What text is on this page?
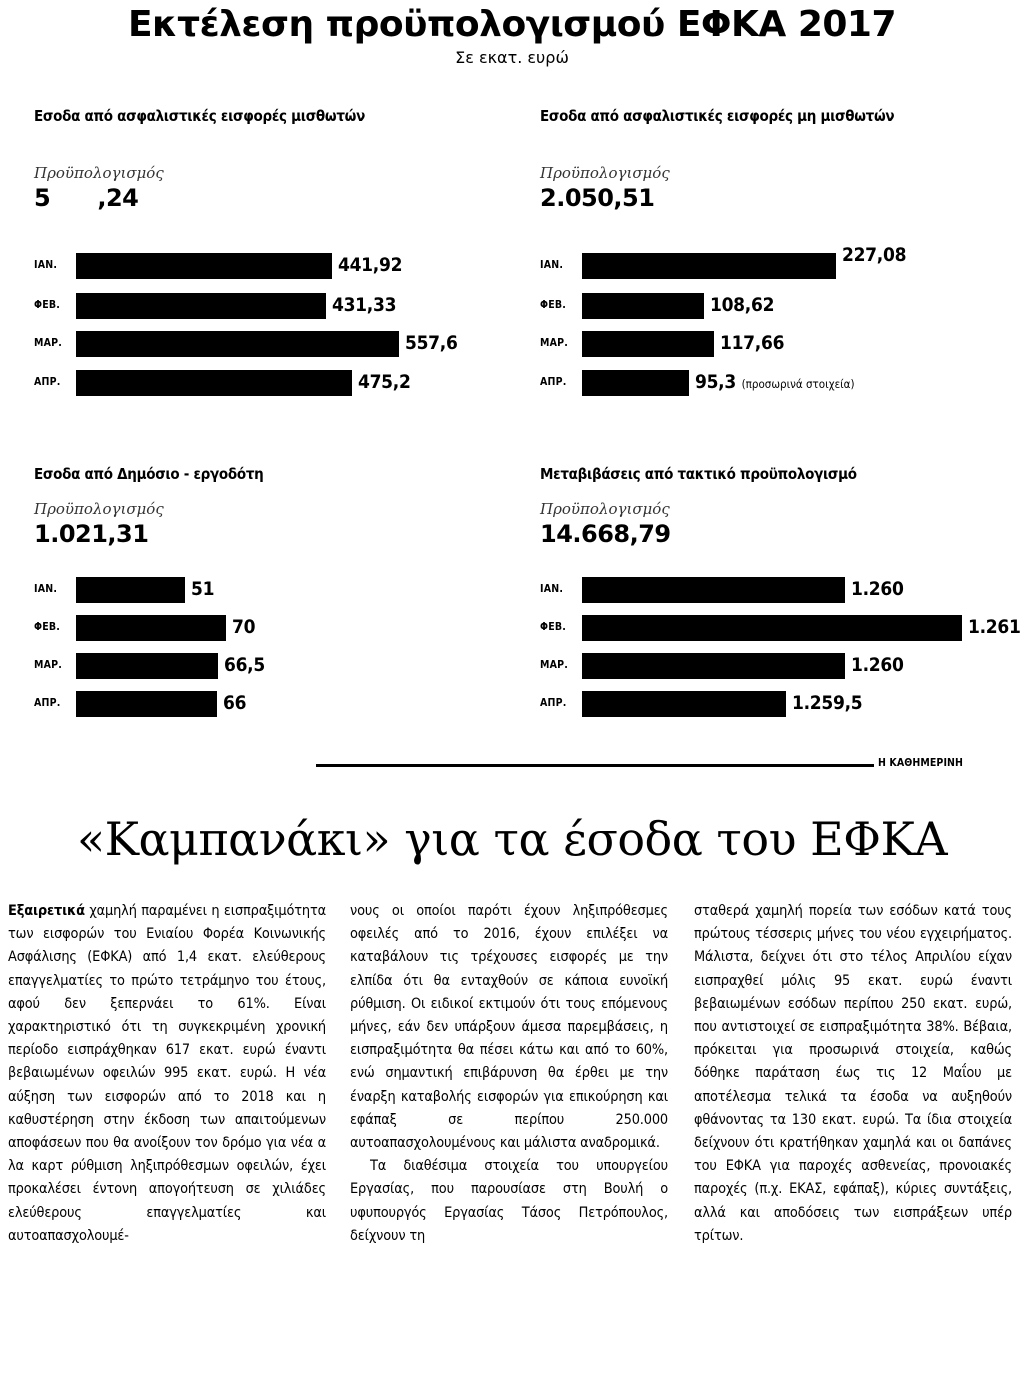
Εκτέλεση προϋπολογισμού ΕΦΚΑ 2017

Σε εκατ. ευρώ

Εσοδα από ασφαλιστικές εισφορές μισθωτών
Προϋπολογισμός
5      ,24
ΙΑΝ.	441,92
ΦΕΒ.	431,33
ΜΑΡ.	557,6
ΑΠΡ.	475,2
Εσοδα από ασφαλιστικές εισφορές μη μισθωτών
Προϋπολογισμός
2.050,51
ΙΑΝ.	227,08
ΦΕΒ.	108,62
ΜΑΡ.	117,66
ΑΠΡ.	95,3 (προσωρινά στοιχεία)
Εσοδα από Δημόσιο - εργοδότη
Προϋπολογισμός
1.021,31
ΙΑΝ.	51
ΦΕΒ.	70
ΜΑΡ.	66,5
ΑΠΡ.	66
Μεταβιβάσεις από τακτικό προϋπολογισμό
Προϋπολογισμός
14.668,79
ΙΑΝ.	1.260
ΦΕΒ.	1.261
ΜΑΡ.	1.260
ΑΠΡ.	1.259,5
Η ΚΑΘΗΜΕΡΙΝΗ
«Καμπανάκι» για τα έσοδα του ΕΦΚΑ

Εξαιρετικά χαμηλή παραμένει η εισπραξιμότητα των εισφορών του Ενιαίου Φορέα Κοινωνικής Ασφάλισης (ΕΦΚΑ) από 1,4 εκατ. ελεύθερους επαγγελματίες το πρώτο τετράμηνο του έτους, αφού δεν ξεπερνάει το 61%. Είναι χαρακτηριστικό ότι τη συγκεκριμένη χρονική περίοδο εισπράχθηκαν 617 εκατ. ευρώ έναντι βεβαιωμένων οφειλών 995 εκατ. ευρώ. Η νέα αύξηση των εισφορών από το 2018 και η καθυστέρηση στην έκδοση των απαιτούμενων αποφάσεων που θα ανοίξουν τον δρόμο για νέα α λα καρτ ρύθμιση ληξιπρόθεσμων οφειλών, έχει προκαλέσει έντονη απογοήτευση σε χιλιάδες ελεύθερους επαγγελματίες και αυτοαπασχολουμέ-

νους οι οποίοι παρότι έχουν ληξιπρόθεσμες οφειλές από το 2016, έχουν επιλέξει να καταβάλουν τις τρέχουσες εισφορές με την ελπίδα ότι θα ενταχθούν σε κάποια ευνοϊκή ρύθμιση. Οι ειδικοί εκτιμούν ότι τους επόμενους μήνες, εάν δεν υπάρξουν άμεσα παρεμβάσεις, η εισπραξιμότητα θα πέσει κάτω και από το 60%, ενώ σημαντική επιβάρυνση θα έρθει με την έναρξη καταβολής εισφορών για επικούρηση και εφάπαξ σε περίπου 250.000 αυτοαπασχολουμένους και μάλιστα αναδρομικά.

Τα διαθέσιμα στοιχεία του υπουργείου Εργασίας, που παρουσίασε στη Βουλή ο υφυπουργός Εργασίας Τάσος Πετρόπουλος, δείχνουν τη

σταθερά χαμηλή πορεία των εσόδων κατά τους πρώτους τέσσερις μήνες του νέου εγχειρήματος. Μάλιστα, δείχνει ότι στο τέλος Απριλίου είχαν εισπραχθεί μόλις 95 εκατ. ευρώ έναντι βεβαιωμένων εσόδων περίπου 250 εκατ. ευρώ, που αντιστοιχεί σε εισπραξιμότητα 38%. Βέβαια, πρόκειται για προσωρινά στοιχεία, καθώς δόθηκε παράταση έως τις 12 Μαΐου με αποτέλεσμα τελικά τα έσοδα να αυξηθούν φθάνοντας τα 130 εκατ. ευρώ. Τα ίδια στοιχεία δείχνουν ότι κρατήθηκαν χαμηλά και οι δαπάνες του ΕΦΚΑ για παροχές ασθενείας, προνοιακές παροχές (π.χ. ΕΚΑΣ, εφάπαξ), κύριες συντάξεις, αλλά και αποδόσεις των εισπράξεων υπέρ τρίτων.
